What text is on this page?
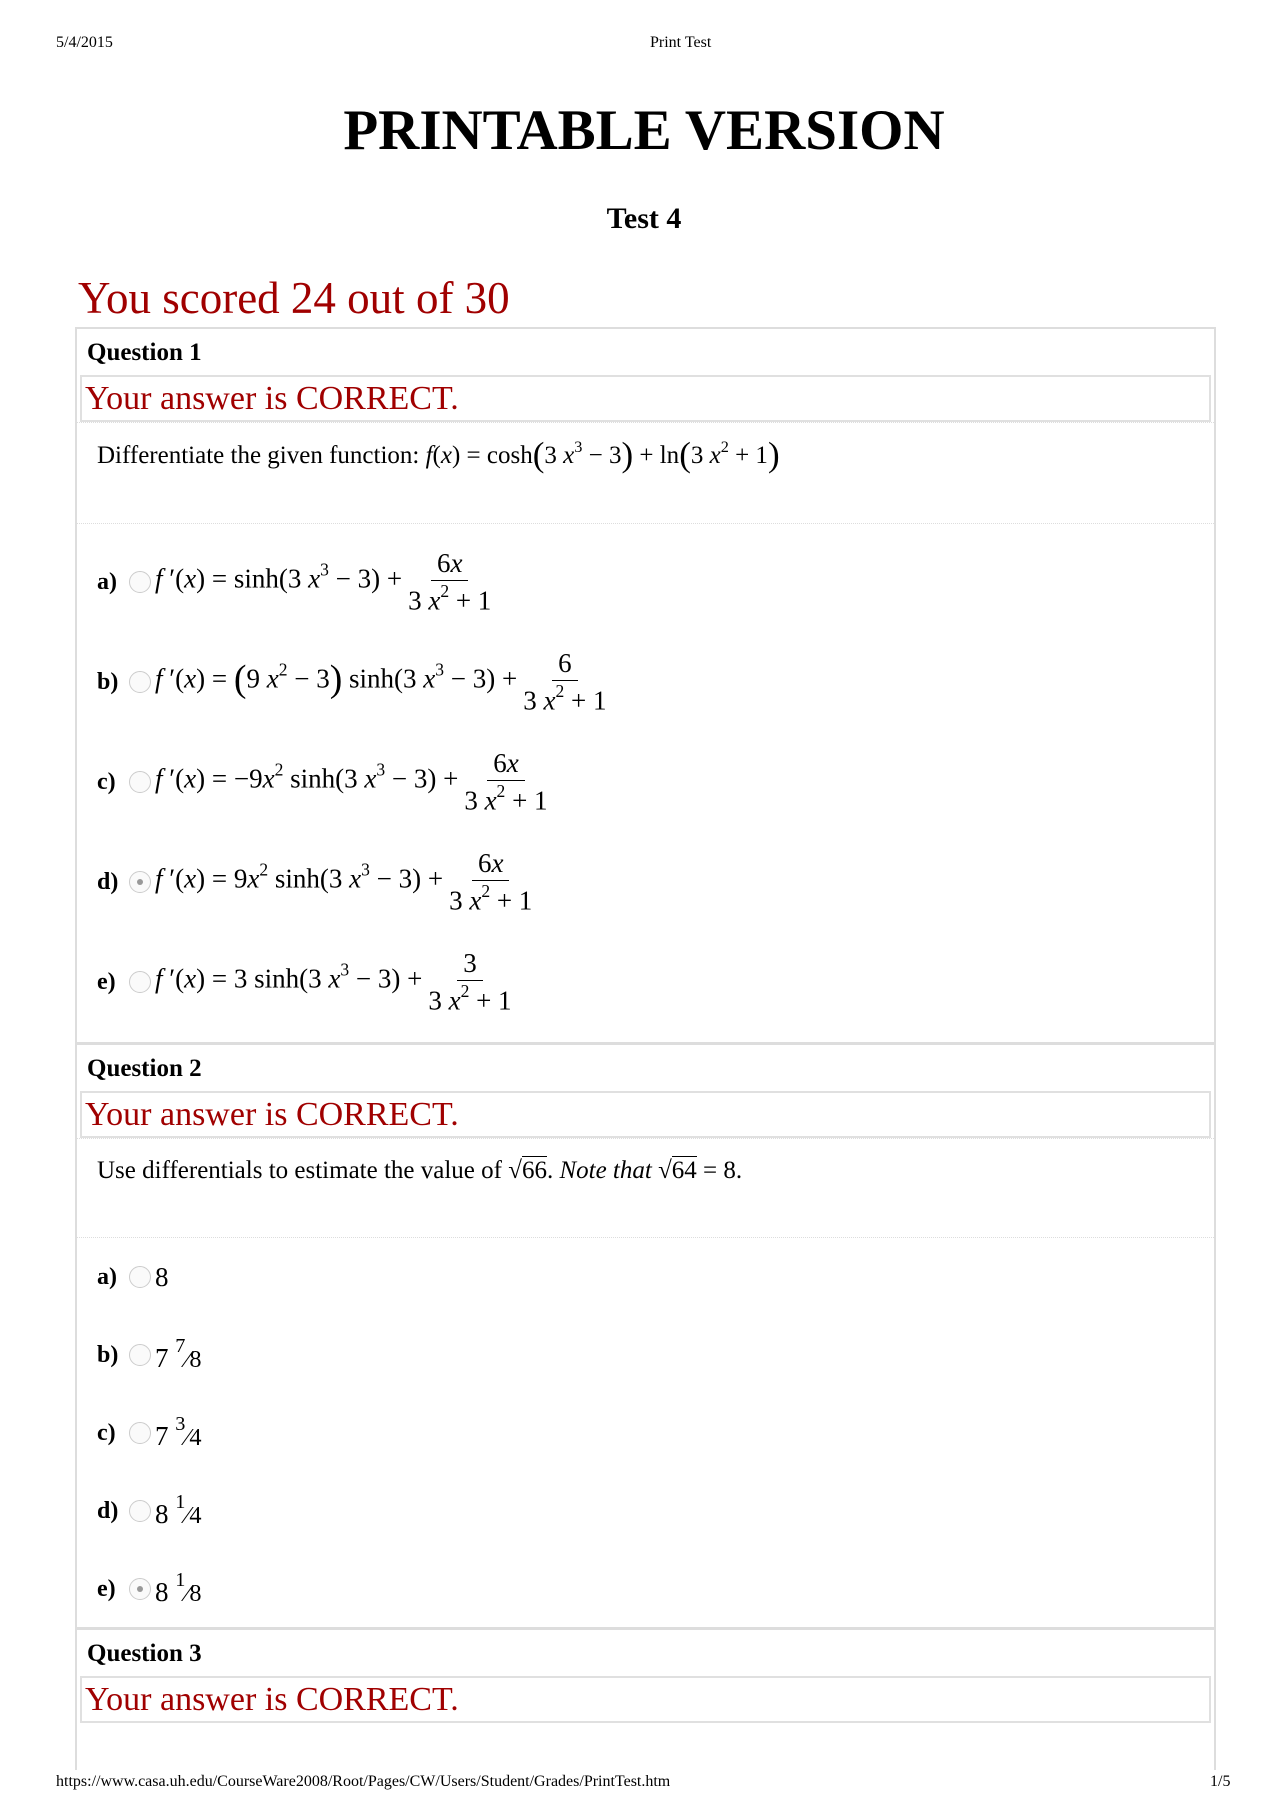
5/4/2015	Print Test
PRINTABLE VERSION
Test 4
You scored 24 out of 30
Question 1
Your answer is CORRECT.
Differentiate the given function: f(x) = cosh(3 $x^3 - 3) + \ln(3$ $x^2 + 1$)
a)	f ′(x) = sinh(3 $x^3 - 3) + \frac{6x}{3 x^2 + 1}$
b)	f ′(x) = (9 $x^2 - 3$) sinh(3 $x^3 - 3) + \frac{6}{3 x^2 + 1}$
c)	f $'(x) = -9x^2$ sinh(3 $x^3 - 3) + \frac{6x}{3 x^2 + 1}$
d)	f $'(x) = 9x^2$ sinh(3 $x^3 - 3) + \frac{6x}{3 x^2 + 1}$
e)	f ′(x) = 3 sinh(3 $x^3 - 3) + \frac{3}{3 x^2 + 1}$
Question 2
Your answer is CORRECT.
Use differentials to estimate the value of √66. Note that √64 = 8.
a)	8
b)	7 $^7$⁄8
c)	7 $^3$⁄4
d)	8 $^1$⁄4
e)	8 $^1$⁄8
Question 3
Your answer is CORRECT.
https://www.casa.uh.edu/CourseWare2008/Root/Pages/CW/Users/Student/Grades/PrintTest.htm	1/5
